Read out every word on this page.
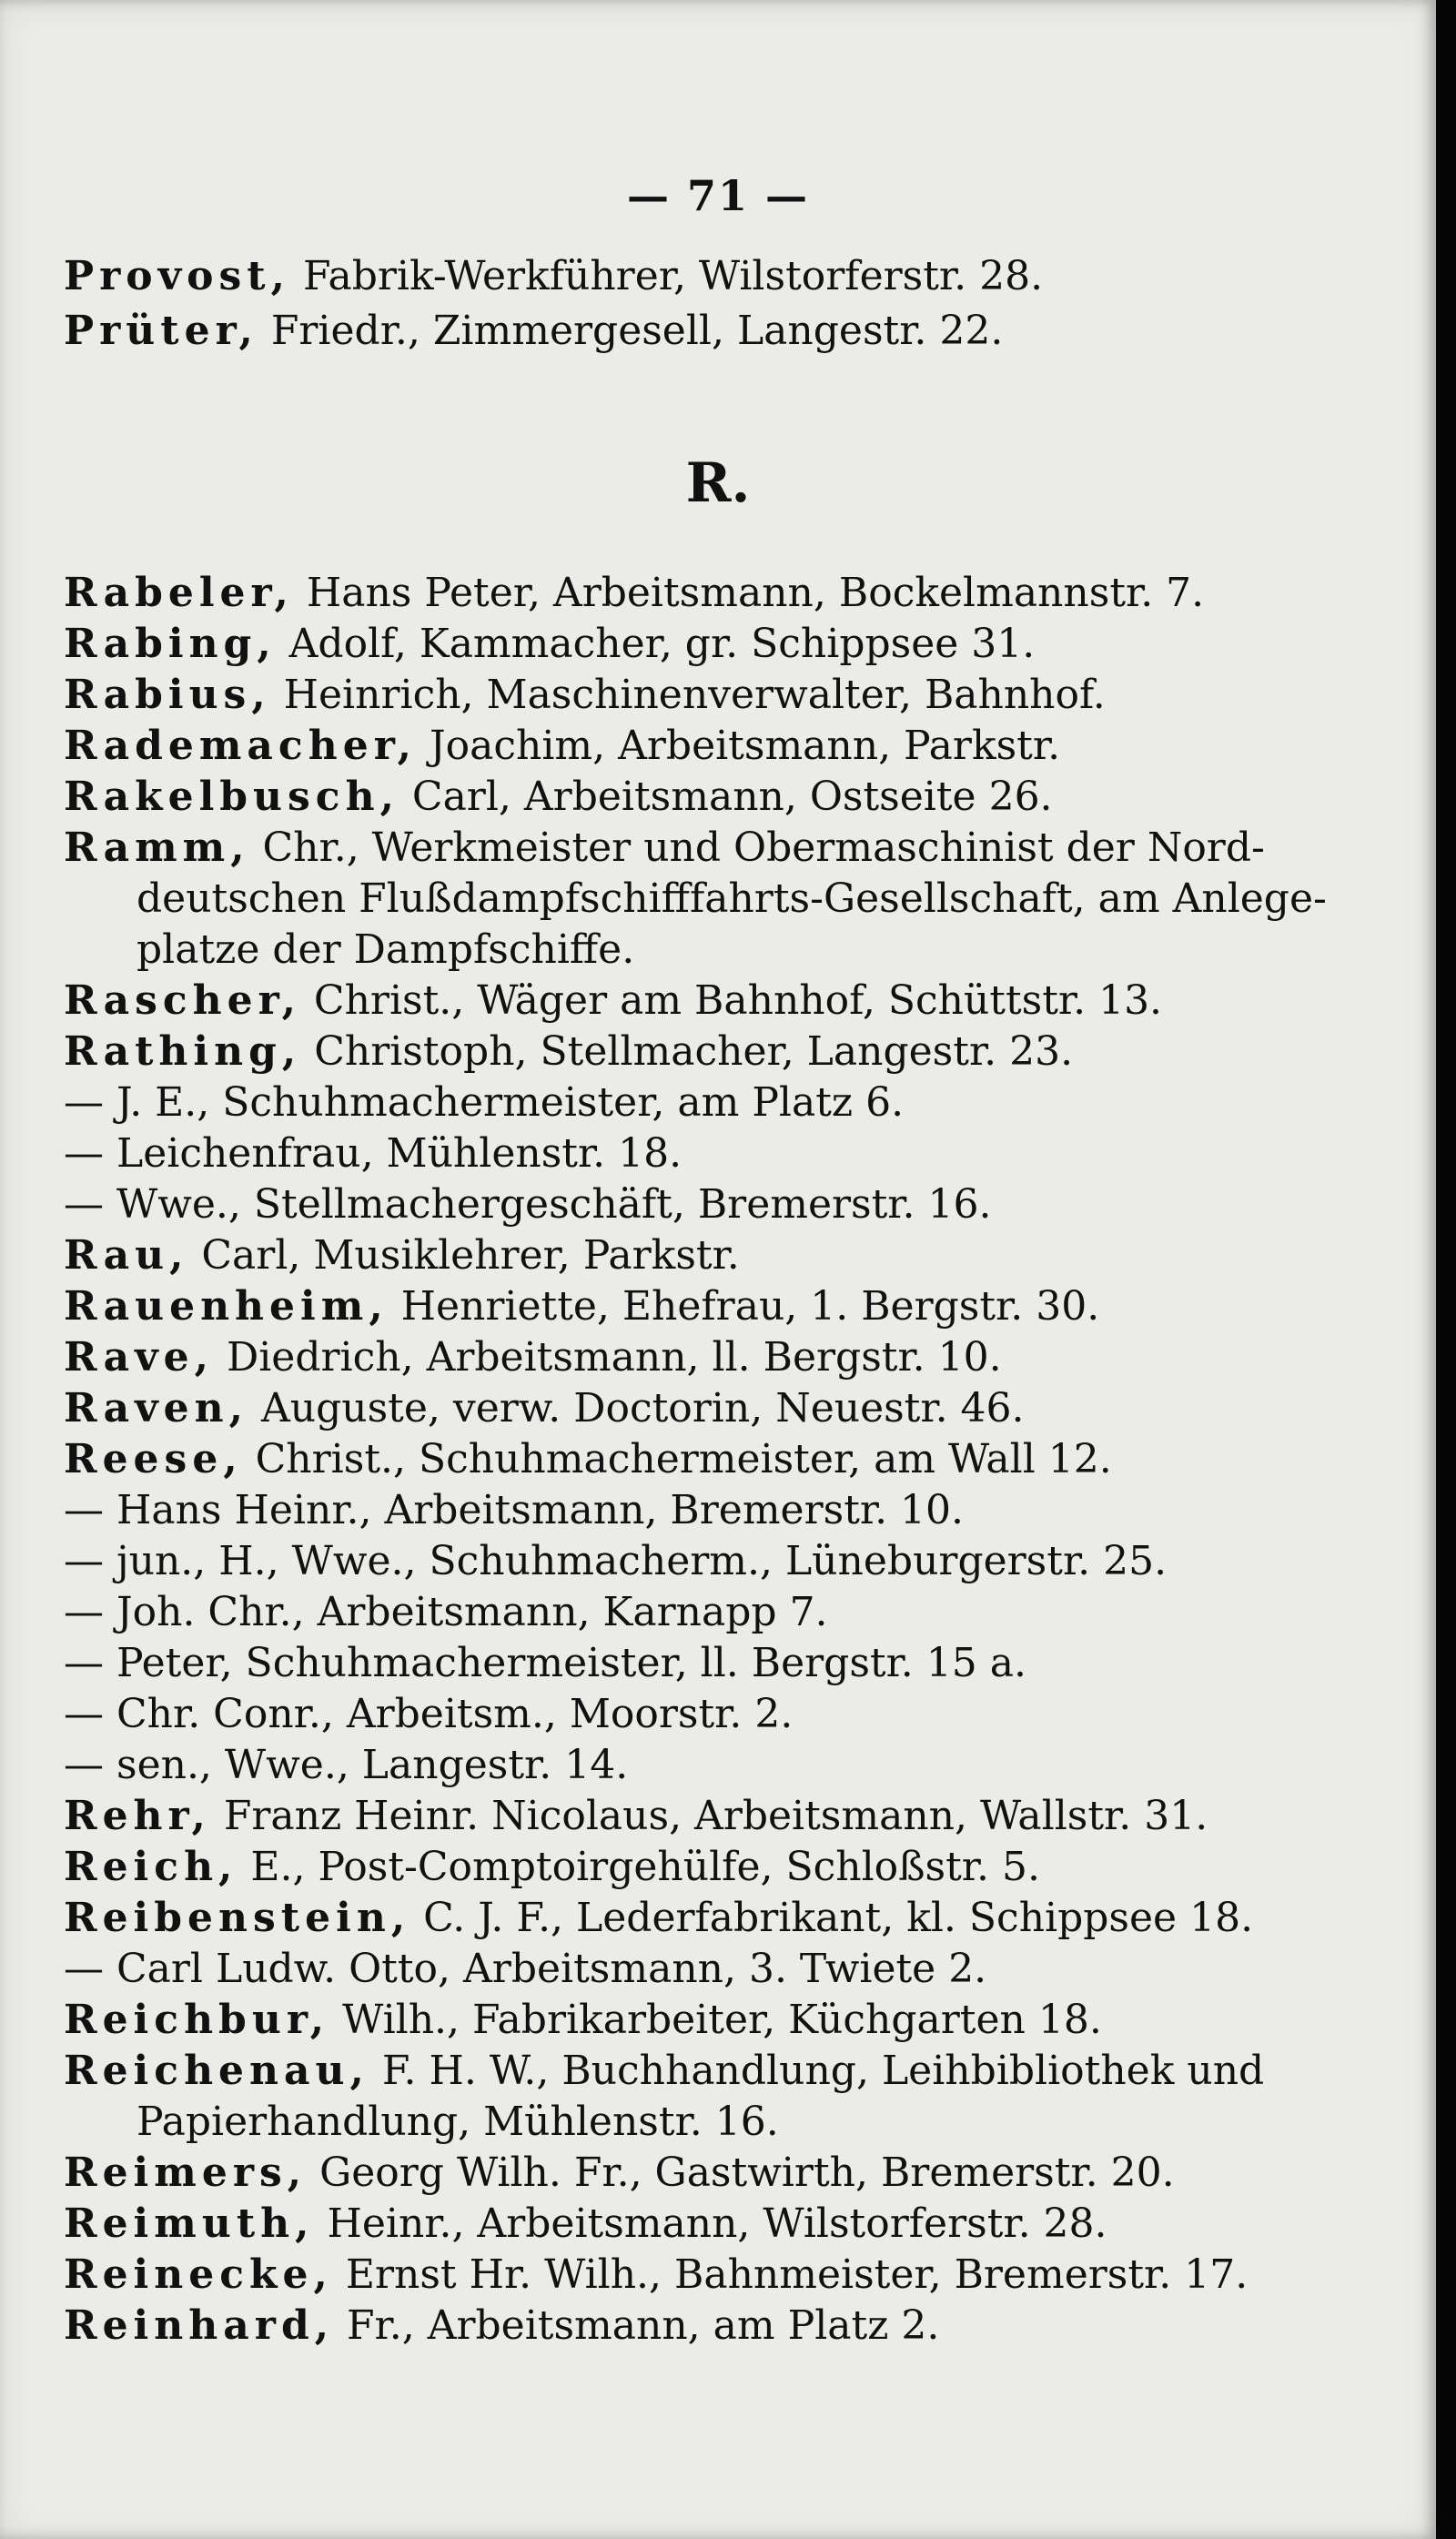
— 71 —

Provost, Fabrik-Werkführer, Wilstorferstr. 28.
Prüter, Friedr., Zimmergesell, Langestr. 22.
R.
Rabeler, Hans Peter, Arbeitsmann, Bockelmannstr. 7.
Rabing, Adolf, Kammacher, gr. Schippsee 31.
Rabius, Heinrich, Maschinenverwalter, Bahnhof.
Rademacher, Joachim, Arbeitsmann, Parkstr.
Rakelbusch, Carl, Arbeitsmann, Ostseite 26.
Ramm, Chr., Werkmeister und Obermaschinist der Nord-
deutschen Flußdampfschifffahrts-Gesellschaft, am Anlege-
platze der Dampfschiffe.
Rascher, Christ., Wäger am Bahnhof, Schüttstr. 13.
Rathing, Christoph, Stellmacher, Langestr. 23.
— J. E., Schuhmachermeister, am Platz 6.
— Leichenfrau, Mühlenstr. 18.
— Wwe., Stellmachergeschäft, Bremerstr. 16.
Rau, Carl, Musiklehrer, Parkstr.
Rauenheim, Henriette, Ehefrau, 1. Bergstr. 30.
Rave, Diedrich, Arbeitsmann, ll. Bergstr. 10.
Raven, Auguste, verw. Doctorin, Neuestr. 46.
Reese, Christ., Schuhmachermeister, am Wall 12.
— Hans Heinr., Arbeitsmann, Bremerstr. 10.
— jun., H., Wwe., Schuhmacherm., Lüneburgerstr. 25.
— Joh. Chr., Arbeitsmann, Karnapp 7.
— Peter, Schuhmachermeister, ll. Bergstr. 15 a.
— Chr. Conr., Arbeitsm., Moorstr. 2.
— sen., Wwe., Langestr. 14.
Rehr, Franz Heinr. Nicolaus, Arbeitsmann, Wallstr. 31.
Reich, E., Post-Comptoirgehülfe, Schloßstr. 5.
Reibenstein, C. J. F., Lederfabrikant, kl. Schippsee 18.
— Carl Ludw. Otto, Arbeitsmann, 3. Twiete 2.
Reichbur, Wilh., Fabrikarbeiter, Küchgarten 18.
Reichenau, F. H. W., Buchhandlung, Leihbibliothek und
Papierhandlung, Mühlenstr. 16.
Reimers, Georg Wilh. Fr., Gastwirth, Bremerstr. 20.
Reimuth, Heinr., Arbeitsmann, Wilstorferstr. 28.
Reinecke, Ernst Hr. Wilh., Bahnmeister, Bremerstr. 17.
Reinhard, Fr., Arbeitsmann, am Platz 2.
